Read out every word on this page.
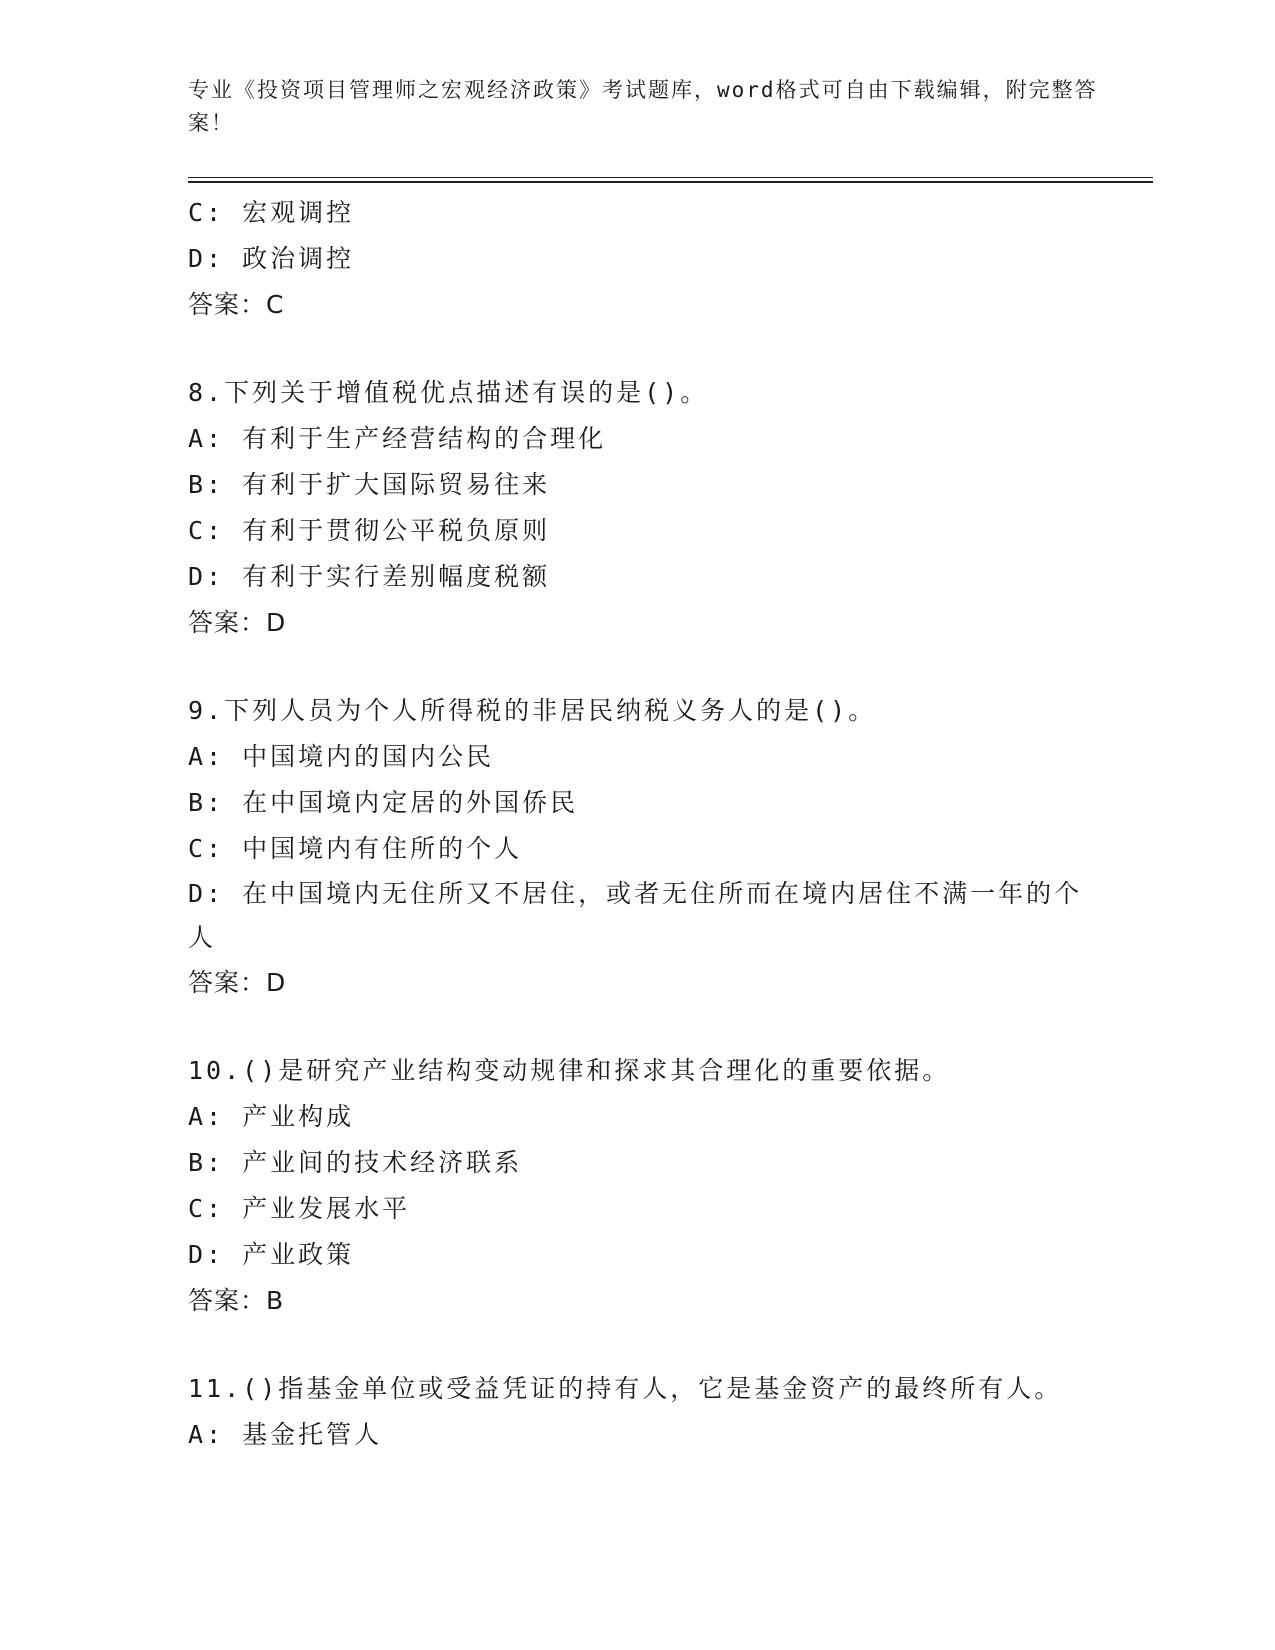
专业《投资项目管理师之宏观经济政策》考试题库，word格式可自由下载编辑，附完整答案！
C: 宏观调控
D: 政治调控
答案：C
8.下列关于增值税优点描述有误的是()。
A: 有利于生产经营结构的合理化
B: 有利于扩大国际贸易往来
C: 有利于贯彻公平税负原则
D: 有利于实行差别幅度税额
答案：D
9.下列人员为个人所得税的非居民纳税义务人的是()。
A: 中国境内的国内公民
B: 在中国境内定居的外国侨民
C: 中国境内有住所的个人
D: 在中国境内无住所又不居住，或者无住所而在境内居住不满一年的个人
答案：D
10.()是研究产业结构变动规律和探求其合理化的重要依据。
A: 产业构成
B: 产业间的技术经济联系
C: 产业发展水平
D: 产业政策
答案：B
11.()指基金单位或受益凭证的持有人，它是基金资产的最终所有人。
A: 基金托管人
